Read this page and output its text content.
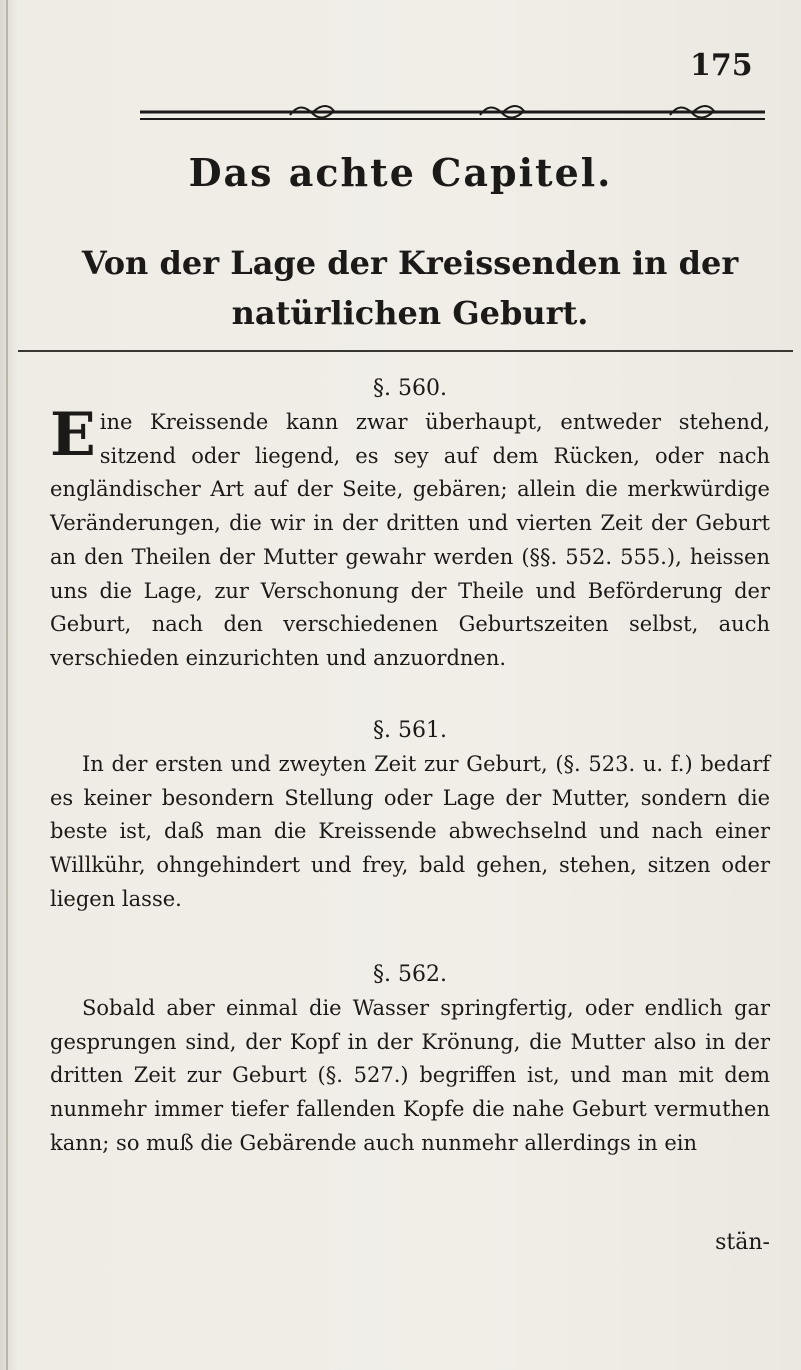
175
Das achte Capitel.
Von der Lage der Kreissenden in der natürlichen Geburt.

§. 560.

Eine Kreissende kann zwar überhaupt, entweder stehend, sitzend oder liegend, es sey auf dem Rücken, oder nach engländischer Art auf der Seite, gebären; allein die merkwürdige Veränderungen, die wir in der dritten und vierten Zeit der Geburt an den Theilen der Mutter gewahr werden (§§. 552. 555.), heissen uns die Lage, zur Verschonung der Theile und Beförderung der Geburt, nach den verschiedenen Geburtszeiten selbst, auch verschieden einzurichten und anzuordnen.

§. 561.

In der ersten und zweyten Zeit zur Geburt, (§. 523. u. f.) bedarf es keiner besondern Stellung oder Lage der Mutter, sondern die beste ist, daß man die Kreissende abwechselnd und nach einer Willkühr, ohngehindert und frey, bald gehen, stehen, sitzen oder liegen lasse.

§. 562.

Sobald aber einmal die Wasser springfertig, oder endlich gar gesprungen sind, der Kopf in der Krönung, die Mutter also in der dritten Zeit zur Geburt (§. 527.) begriffen ist, und man mit dem nunmehr immer tiefer fallenden Kopfe die nahe Geburt vermuthen kann; so muß die Gebärende auch nunmehr allerdings in ein

stän-
